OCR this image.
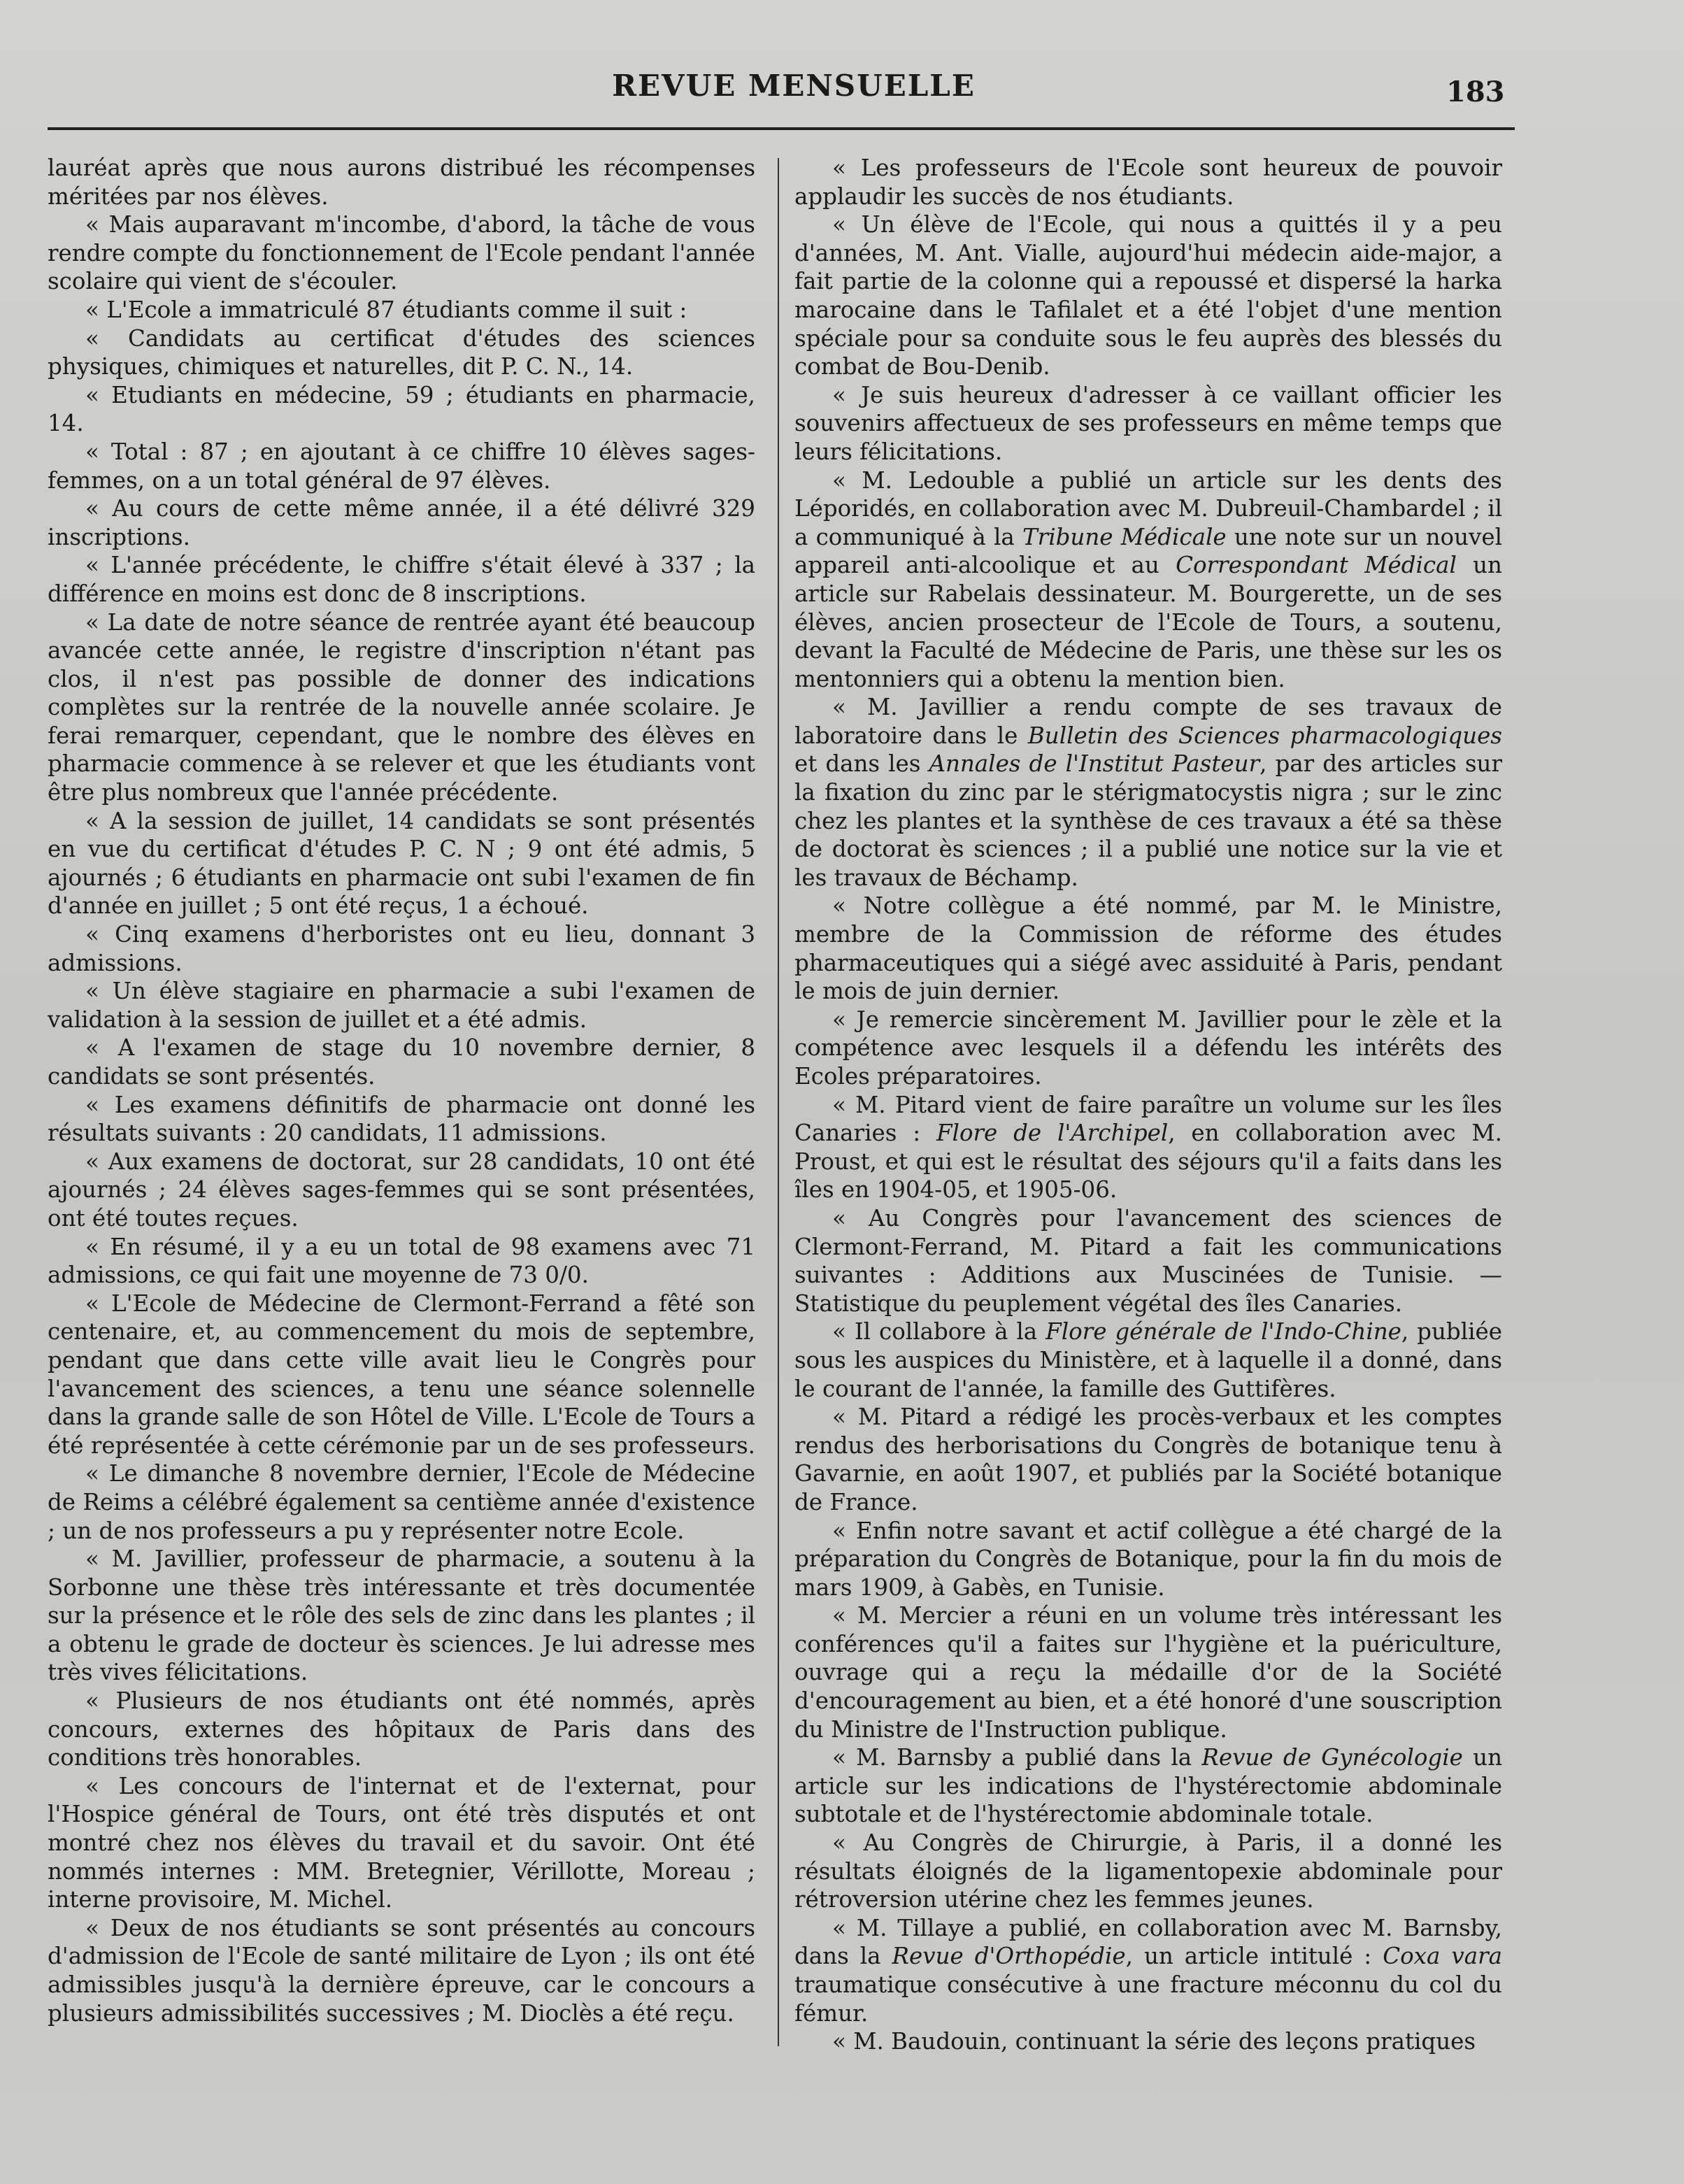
REVUE MENSUELLE	183

lauréat après que nous aurons distribué les récompenses méritées par nos élèves.

« Mais auparavant m'incombe, d'abord, la tâche de vous rendre compte du fonctionnement de l'Ecole pendant l'année scolaire qui vient de s'écouler.

« L'Ecole a immatriculé 87 étudiants comme il suit :

« Candidats au certificat d'études des sciences physiques, chimiques et naturelles, dit P. C. N., 14.

« Etudiants en médecine, 59 ; étudiants en pharmacie, 14.

« Total : 87 ; en ajoutant à ce chiffre 10 élèves sages-femmes, on a un total général de 97 élèves.

« Au cours de cette même année, il a été délivré 329 inscriptions.

« L'année précédente, le chiffre s'était élevé à 337 ; la différence en moins est donc de 8 inscriptions.

« La date de notre séance de rentrée ayant été beaucoup avancée cette année, le registre d'inscription n'étant pas clos, il n'est pas possible de donner des indications complètes sur la rentrée de la nouvelle année scolaire. Je ferai remarquer, cependant, que le nombre des élèves en pharmacie commence à se relever et que les étudiants vont être plus nombreux que l'année précédente.

« A la session de juillet, 14 candidats se sont présentés en vue du certificat d'études P. C. N ; 9 ont été admis, 5 ajournés ; 6 étudiants en pharmacie ont subi l'examen de fin d'année en juillet ; 5 ont été reçus, 1 a échoué.

« Cinq examens d'herboristes ont eu lieu, donnant 3 admissions.

« Un élève stagiaire en pharmacie a subi l'examen de validation à la session de juillet et a été admis.

« A l'examen de stage du 10 novembre dernier, 8 candidats se sont présentés.

« Les examens définitifs de pharmacie ont donné les résultats suivants : 20 candidats, 11 admissions.

« Aux examens de doctorat, sur 28 candidats, 10 ont été ajournés ; 24 élèves sages-femmes qui se sont présentées, ont été toutes reçues.

« En résumé, il y a eu un total de 98 examens avec 71 admissions, ce qui fait une moyenne de 73 0/0.

« L'Ecole de Médecine de Clermont-Ferrand a fêté son centenaire, et, au commencement du mois de septembre, pendant que dans cette ville avait lieu le Congrès pour l'avancement des sciences, a tenu une séance solennelle dans la grande salle de son Hôtel de Ville. L'Ecole de Tours a été représentée à cette cérémonie par un de ses professeurs.

« Le dimanche 8 novembre dernier, l'Ecole de Médecine de Reims a célébré également sa centième année d'existence ; un de nos professeurs a pu y représenter notre Ecole.

« M. Javillier, professeur de pharmacie, a soutenu à la Sorbonne une thèse très intéressante et très documentée sur la présence et le rôle des sels de zinc dans les plantes ; il a obtenu le grade de docteur ès sciences. Je lui adresse mes très vives félicitations.

« Plusieurs de nos étudiants ont été nommés, après concours, externes des hôpitaux de Paris dans des conditions très honorables.

« Les concours de l'internat et de l'externat, pour l'Hospice général de Tours, ont été très disputés et ont montré chez nos élèves du travail et du savoir. Ont été nommés internes : MM. Bretegnier, Vérillotte, Moreau ; interne provisoire, M. Michel.

« Deux de nos étudiants se sont présentés au concours d'admission de l'Ecole de santé militaire de Lyon ; ils ont été admissibles jusqu'à la dernière épreuve, car le concours a plusieurs admissibilités successives ; M. Dioclès a été reçu.

« Les professeurs de l'Ecole sont heureux de pouvoir applaudir les succès de nos étudiants.

« Un élève de l'Ecole, qui nous a quittés il y a peu d'années, M. Ant. Vialle, aujourd'hui médecin aide-major, a fait partie de la colonne qui a repoussé et dispersé la harka marocaine dans le Tafilalet et a été l'objet d'une mention spéciale pour sa conduite sous le feu auprès des blessés du combat de Bou-Denib.

« Je suis heureux d'adresser à ce vaillant officier les souvenirs affectueux de ses professeurs en même temps que leurs félicitations.

« M. Ledouble a publié un article sur les dents des Léporidés, en collaboration avec M. Dubreuil-Chambardel ; il a communiqué à la Tribune Médicale une note sur un nouvel appareil anti-alcoolique et au Correspondant Médical un article sur Rabelais dessinateur. M. Bourgerette, un de ses élèves, ancien prosecteur de l'Ecole de Tours, a soutenu, devant la Faculté de Médecine de Paris, une thèse sur les os mentonniers qui a obtenu la mention bien.

« M. Javillier a rendu compte de ses travaux de laboratoire dans le Bulletin des Sciences pharmacologiques et dans les Annales de l'Institut Pasteur, par des articles sur la fixation du zinc par le stérigmatocystis nigra ; sur le zinc chez les plantes et la synthèse de ces travaux a été sa thèse de doctorat ès sciences ; il a publié une notice sur la vie et les travaux de Béchamp.

« Notre collègue a été nommé, par M. le Ministre, membre de la Commission de réforme des études pharmaceutiques qui a siégé avec assiduité à Paris, pendant le mois de juin dernier.

« Je remercie sincèrement M. Javillier pour le zèle et la compétence avec lesquels il a défendu les intérêts des Ecoles préparatoires.

« M. Pitard vient de faire paraître un volume sur les îles Canaries : Flore de l'Archipel, en collaboration avec M. Proust, et qui est le résultat des séjours qu'il a faits dans les îles en 1904-05, et 1905-06.

« Au Congrès pour l'avancement des sciences de Clermont-Ferrand, M. Pitard a fait les communications suivantes : Additions aux Muscinées de Tunisie. — Statistique du peuplement végétal des îles Canaries.

« Il collabore à la Flore générale de l'Indo-Chine, publiée sous les auspices du Ministère, et à laquelle il a donné, dans le courant de l'année, la famille des Guttifères.

« M. Pitard a rédigé les procès-verbaux et les comptes rendus des herborisations du Congrès de botanique tenu à Gavarnie, en août 1907, et publiés par la Société botanique de France.

« Enfin notre savant et actif collègue a été chargé de la préparation du Congrès de Botanique, pour la fin du mois de mars 1909, à Gabès, en Tunisie.

« M. Mercier a réuni en un volume très intéressant les conférences qu'il a faites sur l'hygiène et la puériculture, ouvrage qui a reçu la médaille d'or de la Société d'encouragement au bien, et a été honoré d'une souscription du Ministre de l'Instruction publique.

« M. Barnsby a publié dans la Revue de Gynécologie un article sur les indications de l'hystérectomie abdominale subtotale et de l'hystérectomie abdominale totale.

« Au Congrès de Chirurgie, à Paris, il a donné les résultats éloignés de la ligamentopexie abdominale pour rétroversion utérine chez les femmes jeunes.

« M. Tillaye a publié, en collaboration avec M. Barnsby, dans la Revue d'Orthopédie, un article intitulé : Coxa vara traumatique consécutive à une fracture méconnu du col du fémur.

« M. Baudouin, continuant la série des leçons pratiques
